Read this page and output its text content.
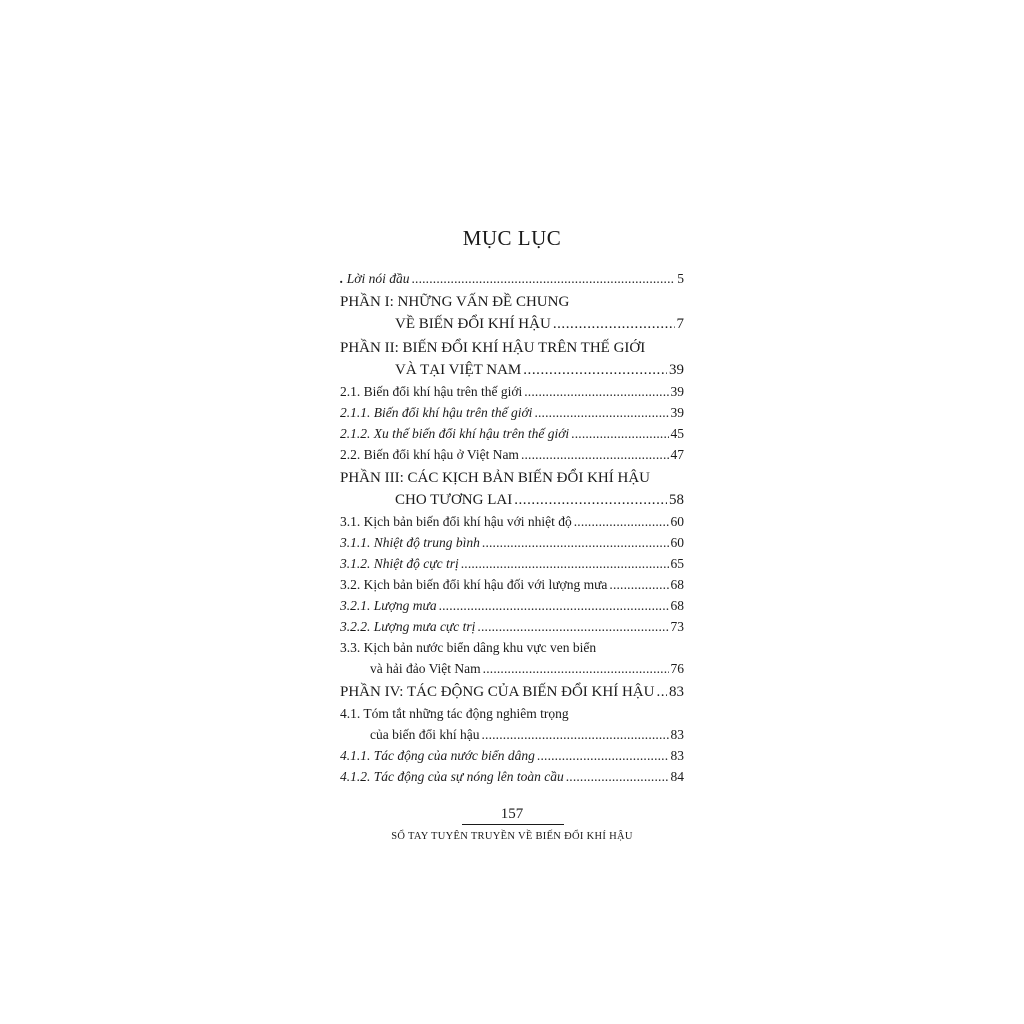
MỤC LỤC
. Lời nói đầu . . .	5
PHẦN I: NHỮNG VẤN ĐỀ CHUNG
VỀ BIẾN ĐỔI KHÍ HẬU . . .	7
PHẦN II: BIẾN ĐỔI KHÍ HẬU TRÊN THẾ GIỚI
VÀ TẠI VIỆT NAM . . .	39
2.1. Biến đổi khí hậu trên thế giới . . .	39
2.1.1. Biến đổi khí hậu trên thế giới . . .	39
2.1.2. Xu thế biến đổi khí hậu trên thế giới . . .	45
2.2. Biến đổi khí hậu ở Việt Nam . . .	47
PHẦN III: CÁC KỊCH BẢN BIẾN ĐỔI KHÍ HẬU
CHO TƯƠNG LAI . . .	58
3.1. Kịch bản biến đổi khí hậu với nhiệt độ . . .	60
3.1.1. Nhiệt độ trung bình . . .	60
3.1.2. Nhiệt độ cực trị . . .	65
3.2. Kịch bản biến đổi khí hậu đối với lượng mưa . . .	68
3.2.1. Lượng mưa . . .	68
3.2.2. Lượng mưa cực trị . . .	73
3.3. Kịch bản nước biển dâng khu vực ven biển
và hải đảo Việt Nam . . .	76
PHẦN IV: TÁC ĐỘNG CỦA BIẾN ĐỔI KHÍ HẬU . . . 83
4.1. Tóm tắt những tác động nghiêm trọng
của biến đổi khí hậu . . .	83
4.1.1. Tác động của nước biển dâng . . .	83
4.1.2. Tác động của sự nóng lên toàn cầu . . .	84
157
SỔ TAY TUYÊN TRUYỀN VỀ BIẾN ĐỔI KHÍ HẬU
